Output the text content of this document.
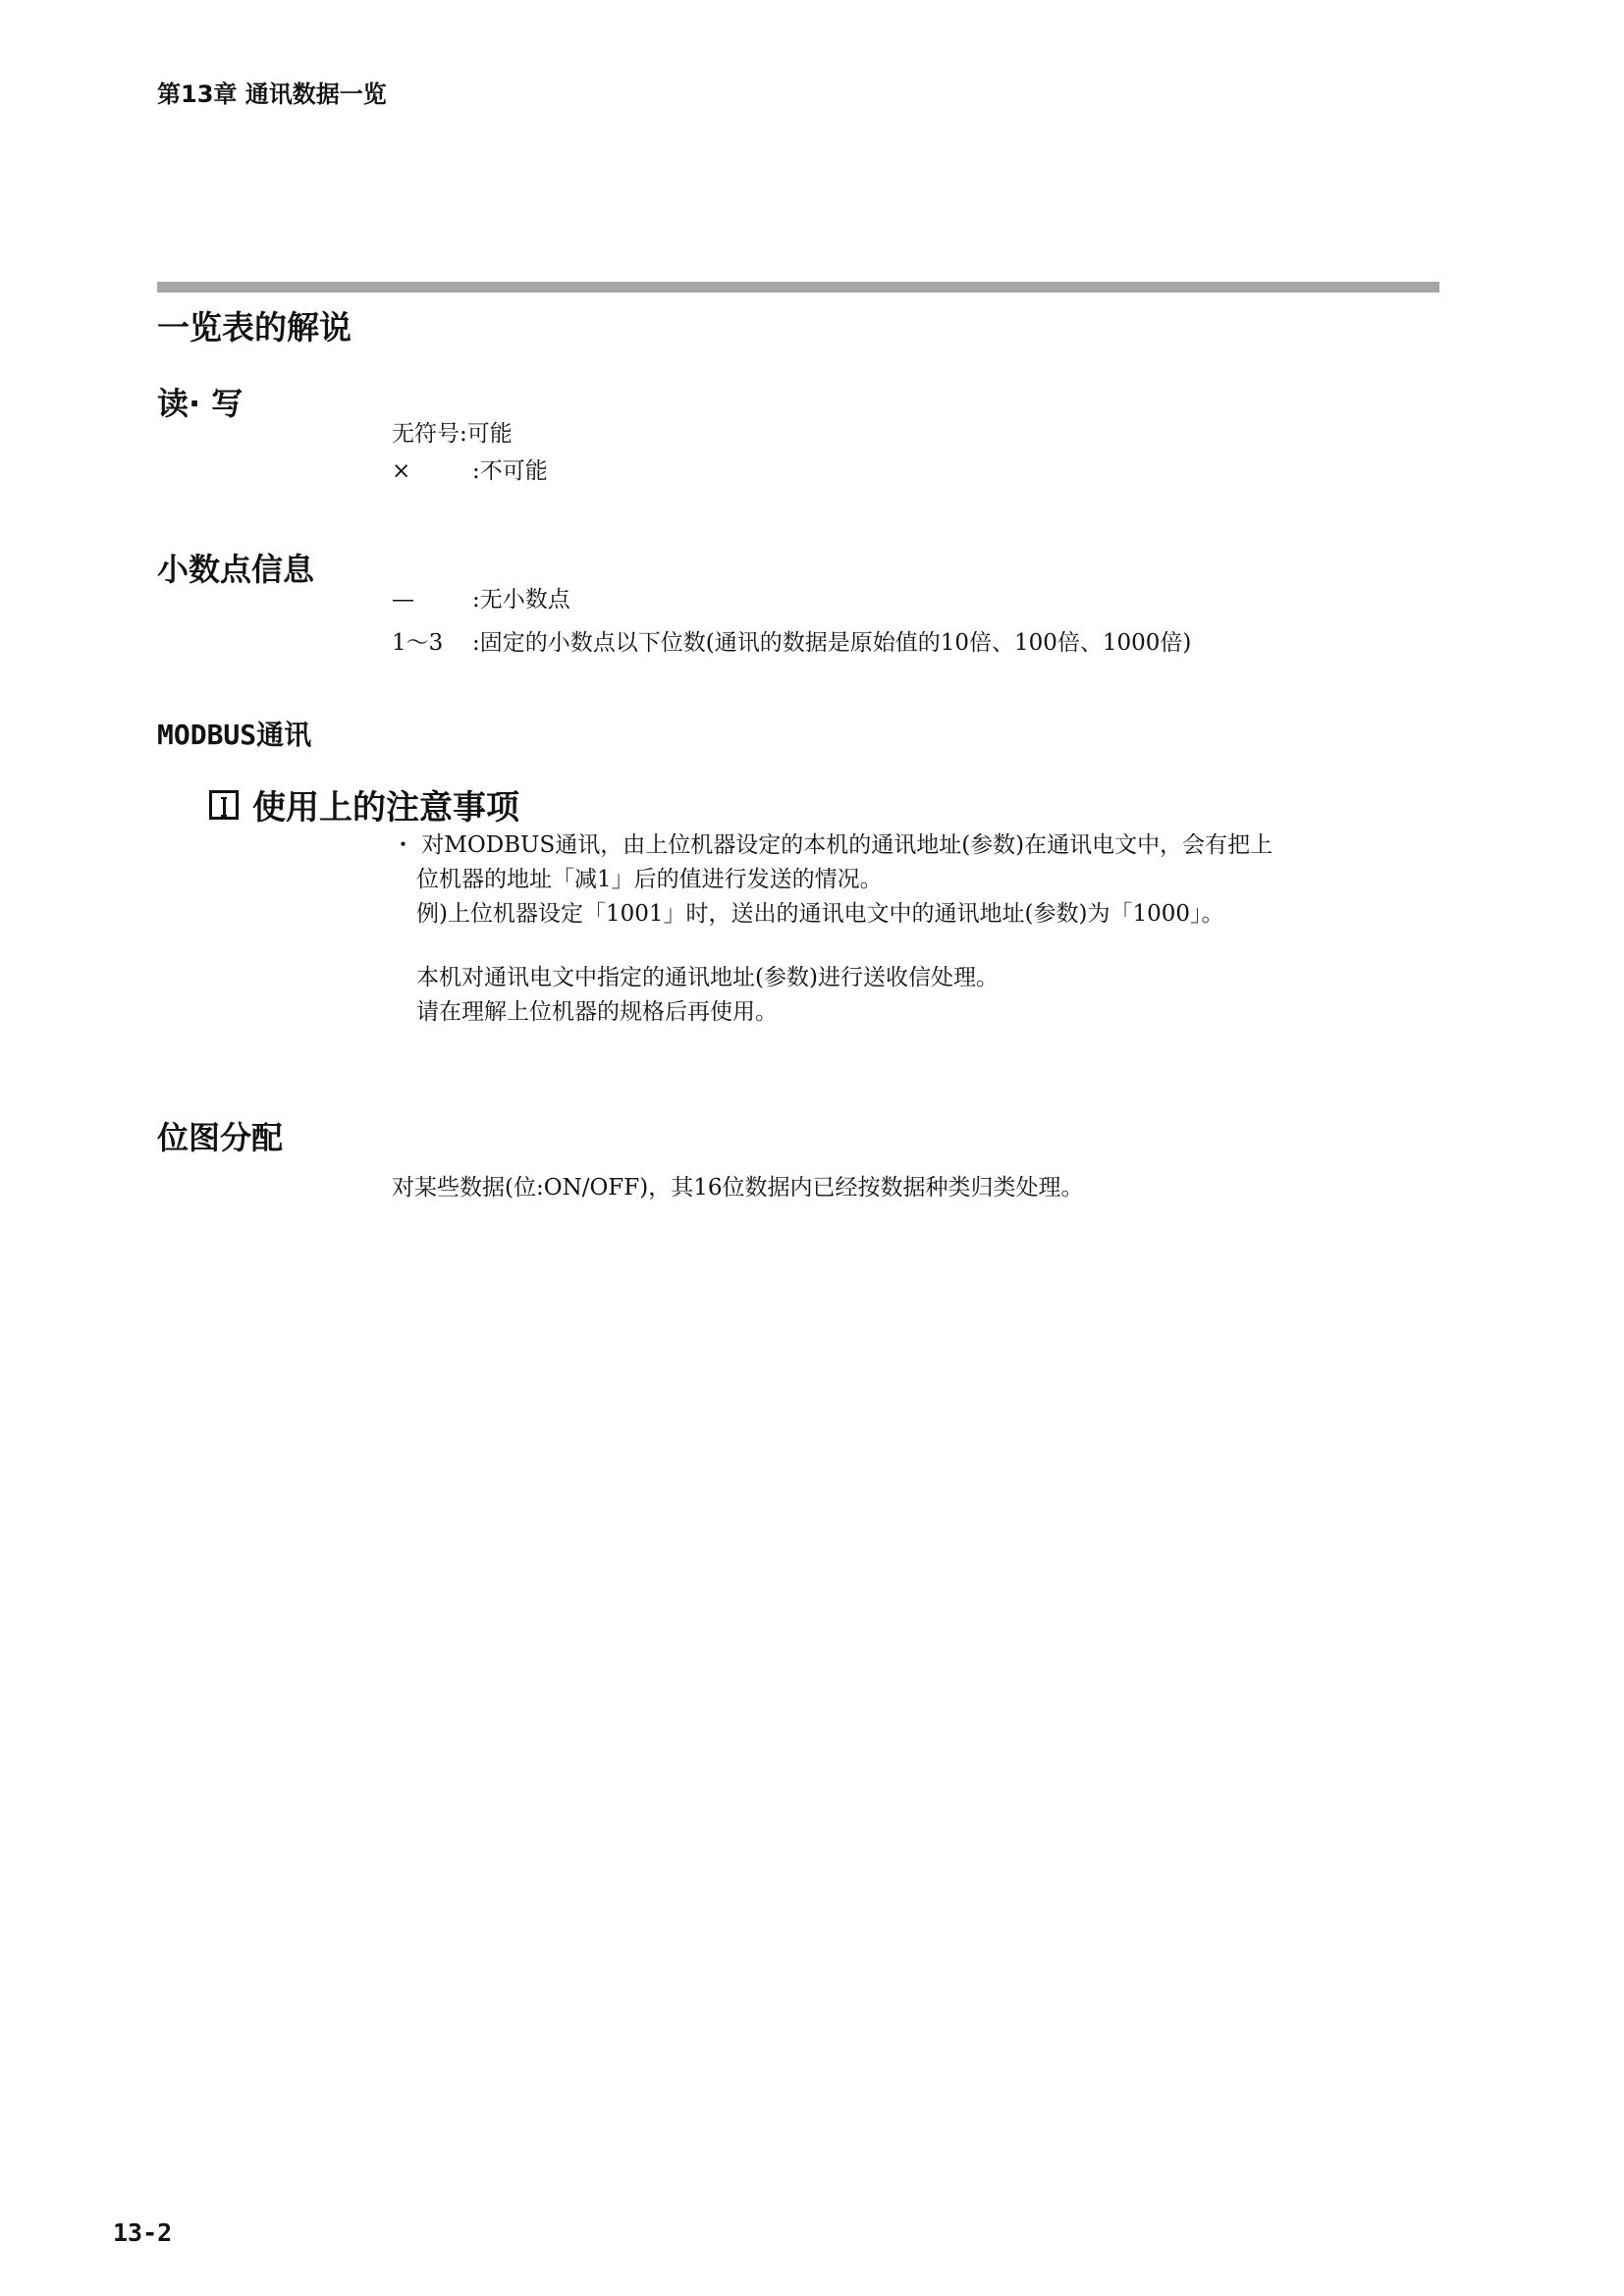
第13章 通讯数据一览
一览表的解说
读· 写
无符号:可能
×	:不可能
小数点信息
—	:无小数点
1～3 :固定的小数点以下位数(通讯的数据是原始值的10倍、100倍、1000倍)
MODBUS通讯
使用上的注意事项
・ 对MODBUS通讯，由上位机器设定的本机的通讯地址(参数)在通讯电文中，会有把上
位机器的地址「减1」后的值进行发送的情况。
例)上位机器设定「1001」时，送出的通讯电文中的通讯地址(参数)为「1000」。
本机对通讯电文中指定的通讯地址(参数)进行送收信处理。
请在理解上位机器的规格后再使用。
位图分配
对某些数据(位:ON/OFF)，其16位数据内已经按数据种类归类处理。
13-2
